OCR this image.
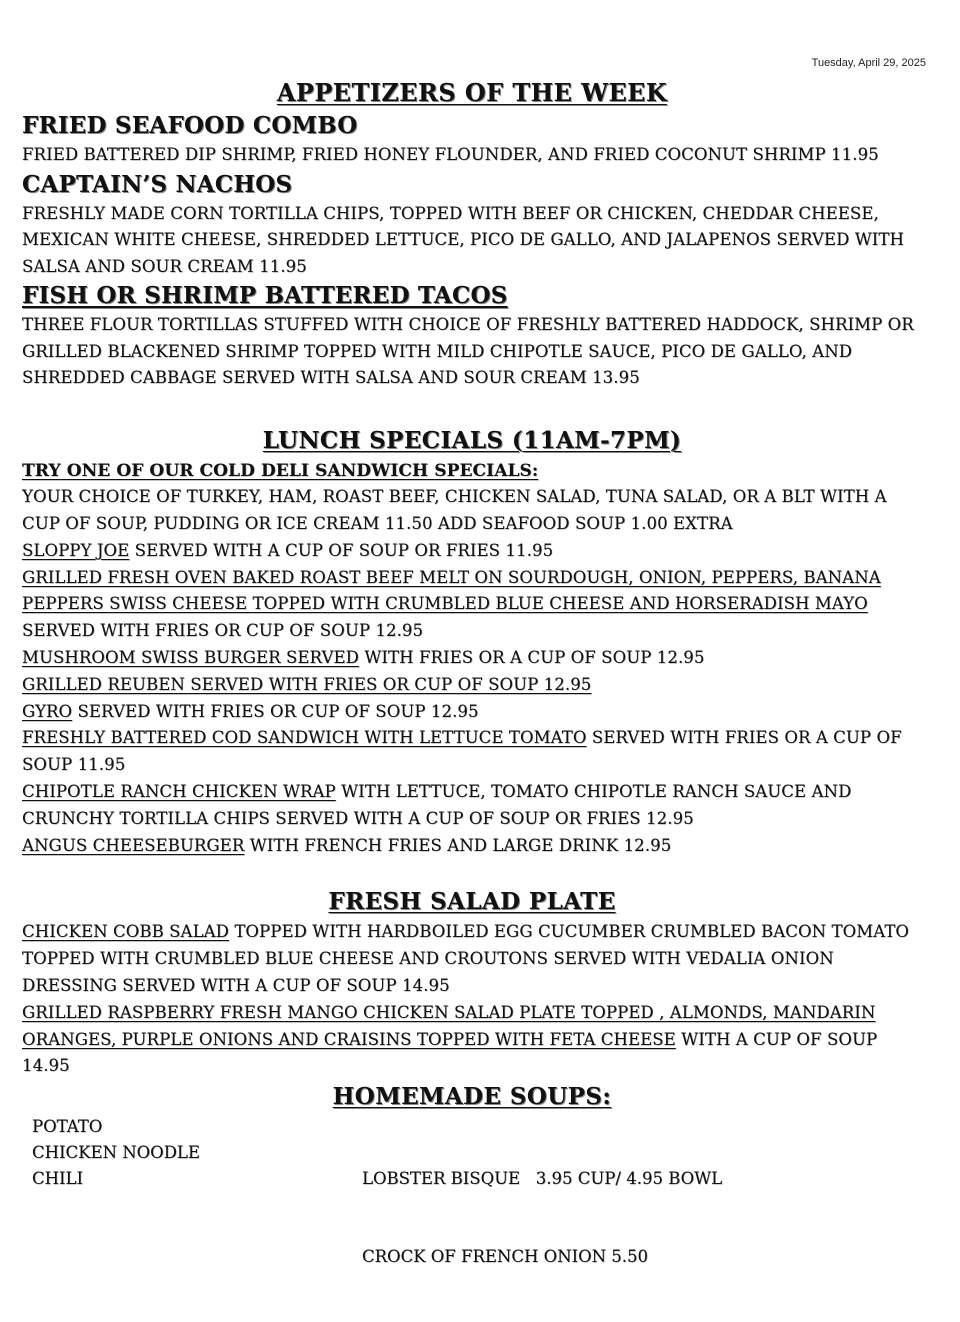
Tuesday, April 29, 2025
APPETIZERS OF THE WEEK
FRIED SEAFOOD COMBO

FRIED BATTERED DIP SHRIMP, FRIED HONEY FLOUNDER, AND FRIED COCONUT SHRIMP 11.95

CAPTAIN’S NACHOS

FRESHLY MADE CORN TORTILLA CHIPS, TOPPED WITH BEEF OR CHICKEN, CHEDDAR CHEESE, MEXICAN WHITE CHEESE, SHREDDED LETTUCE, PICO DE GALLO, AND JALAPENOS SERVED WITH SALSA AND SOUR CREAM 11.95

FISH OR SHRIMP BATTERED TACOS

THREE FLOUR TORTILLAS STUFFED WITH CHOICE OF FRESHLY BATTERED HADDOCK, SHRIMP OR GRILLED BLACKENED SHRIMP TOPPED WITH MILD CHIPOTLE SAUCE, PICO DE GALLO, AND SHREDDED CABBAGE SERVED WITH SALSA AND SOUR CREAM 13.95

LUNCH SPECIALS (11AM-7PM)

TRY ONE OF OUR COLD DELI SANDWICH SPECIALS:

YOUR CHOICE OF TURKEY, HAM, ROAST BEEF, CHICKEN SALAD, TUNA SALAD, OR A BLT WITH A CUP OF SOUP, PUDDING OR ICE CREAM 11.50 ADD SEAFOOD SOUP 1.00 EXTRA

SLOPPY JOE SERVED WITH A CUP OF SOUP OR FRIES 11.95

GRILLED FRESH OVEN BAKED ROAST BEEF MELT ON SOURDOUGH, ONION, PEPPERS, BANANA PEPPERS SWISS CHEESE TOPPED WITH CRUMBLED BLUE CHEESE AND HORSERADISH MAYO SERVED WITH FRIES OR CUP OF SOUP 12.95

MUSHROOM SWISS BURGER SERVED WITH FRIES OR A CUP OF SOUP 12.95

GRILLED REUBEN SERVED WITH FRIES OR CUP OF SOUP 12.95

GYRO SERVED WITH FRIES OR CUP OF SOUP 12.95

FRESHLY BATTERED COD SANDWICH WITH LETTUCE TOMATO SERVED WITH FRIES OR A CUP OF SOUP 11.95

CHIPOTLE RANCH CHICKEN WRAP WITH LETTUCE, TOMATO CHIPOTLE RANCH SAUCE AND CRUNCHY TORTILLA CHIPS SERVED WITH A CUP OF SOUP OR FRIES 12.95

ANGUS CHEESEBURGER WITH FRENCH FRIES AND LARGE DRINK 12.95

FRESH SALAD PLATE

CHICKEN COBB SALAD TOPPED WITH HARDBOILED EGG CUCUMBER CRUMBLED BACON TOMATO TOPPED WITH CRUMBLED BLUE CHEESE AND CROUTONS SERVED WITH VEDALIA ONION DRESSING SERVED WITH A CUP OF SOUP 14.95

GRILLED RASPBERRY FRESH MANGO CHICKEN SALAD PLATE TOPPED , ALMONDS, MANDARIN ORANGES, PURPLE ONIONS AND CRAISINS TOPPED WITH FETA CHEESE WITH A CUP OF SOUP 14.95

HOMEMADE SOUPS:
POTATO
CHICKEN NOODLE
CHILI

	LOBSTER BISQUE   3.95 CUP/ 4.95 BOWL

CROCK OF FRENCH ONION 5.50
